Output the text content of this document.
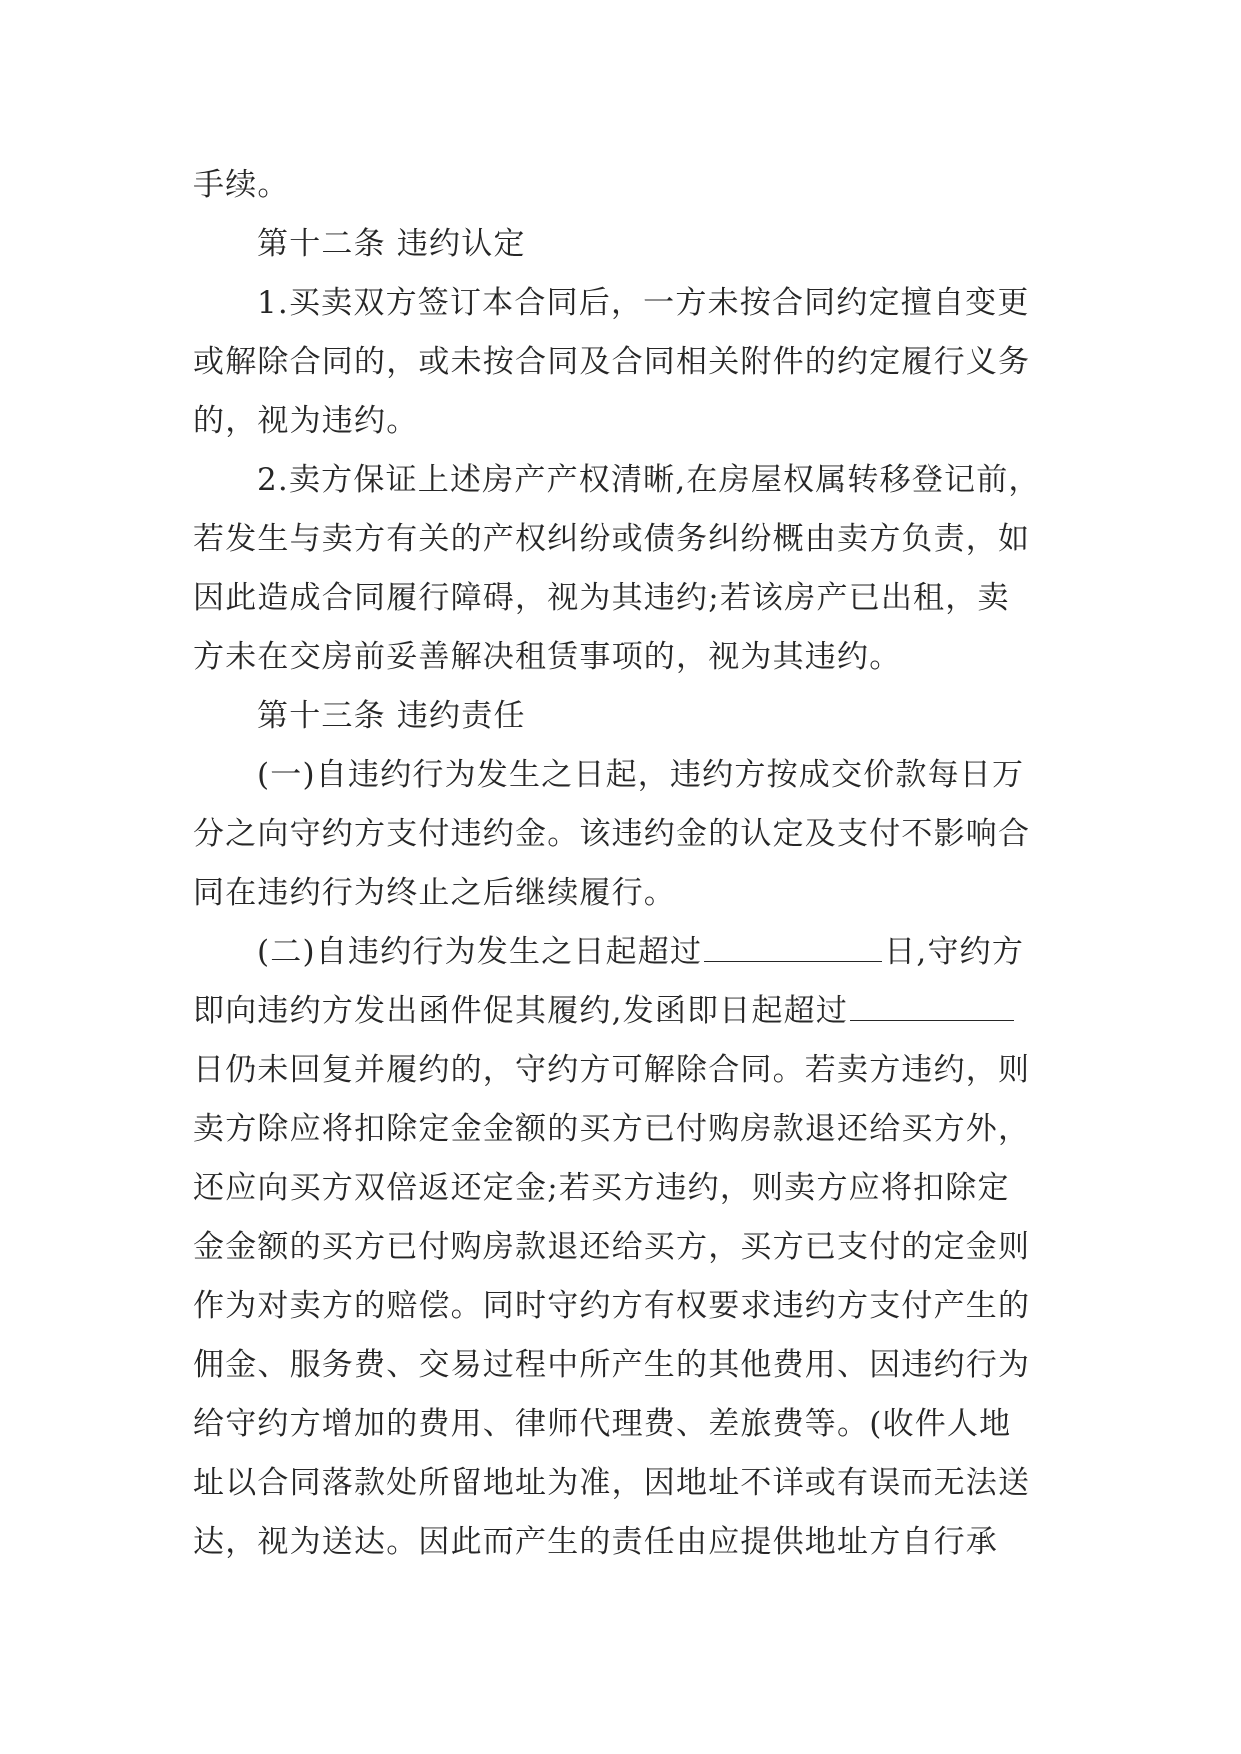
手续。

第十二条 违约认定

1.买卖双方签订本合同后，一方未按合同约定擅自变更

或解除合同的，或未按合同及合同相关附件的约定履行义务

的，视为违约。

2.卖方保证上述房产产权清晰,在房屋权属转移登记前，

若发生与卖方有关的产权纠纷或债务纠纷概由卖方负责，如

因此造成合同履行障碍，视为其违约;若该房产已出租，卖

方未在交房前妥善解决租赁事项的，视为其违约。

第十三条 违约责任

(一)自违约行为发生之日起，违约方按成交价款每日万

分之向守约方支付违约金。该违约金的认定及支付不影响合

同在违约行为终止之后继续履行。

(二)自违约行为发生之日起超过	日,守约方

即向违约方发出函件促其履约,发函即日起超过

日仍未回复并履约的，守约方可解除合同。若卖方违约，则

卖方除应将扣除定金金额的买方已付购房款退还给买方外，

还应向买方双倍返还定金;若买方违约，则卖方应将扣除定

金金额的买方已付购房款退还给买方，买方已支付的定金则

作为对卖方的赔偿。同时守约方有权要求违约方支付产生的

佣金、服务费、交易过程中所产生的其他费用、因违约行为

给守约方增加的费用、律师代理费、差旅费等。(收件人地

址以合同落款处所留地址为准，因地址不详或有误而无法送

达，视为送达。因此而产生的责任由应提供地址方自行承
